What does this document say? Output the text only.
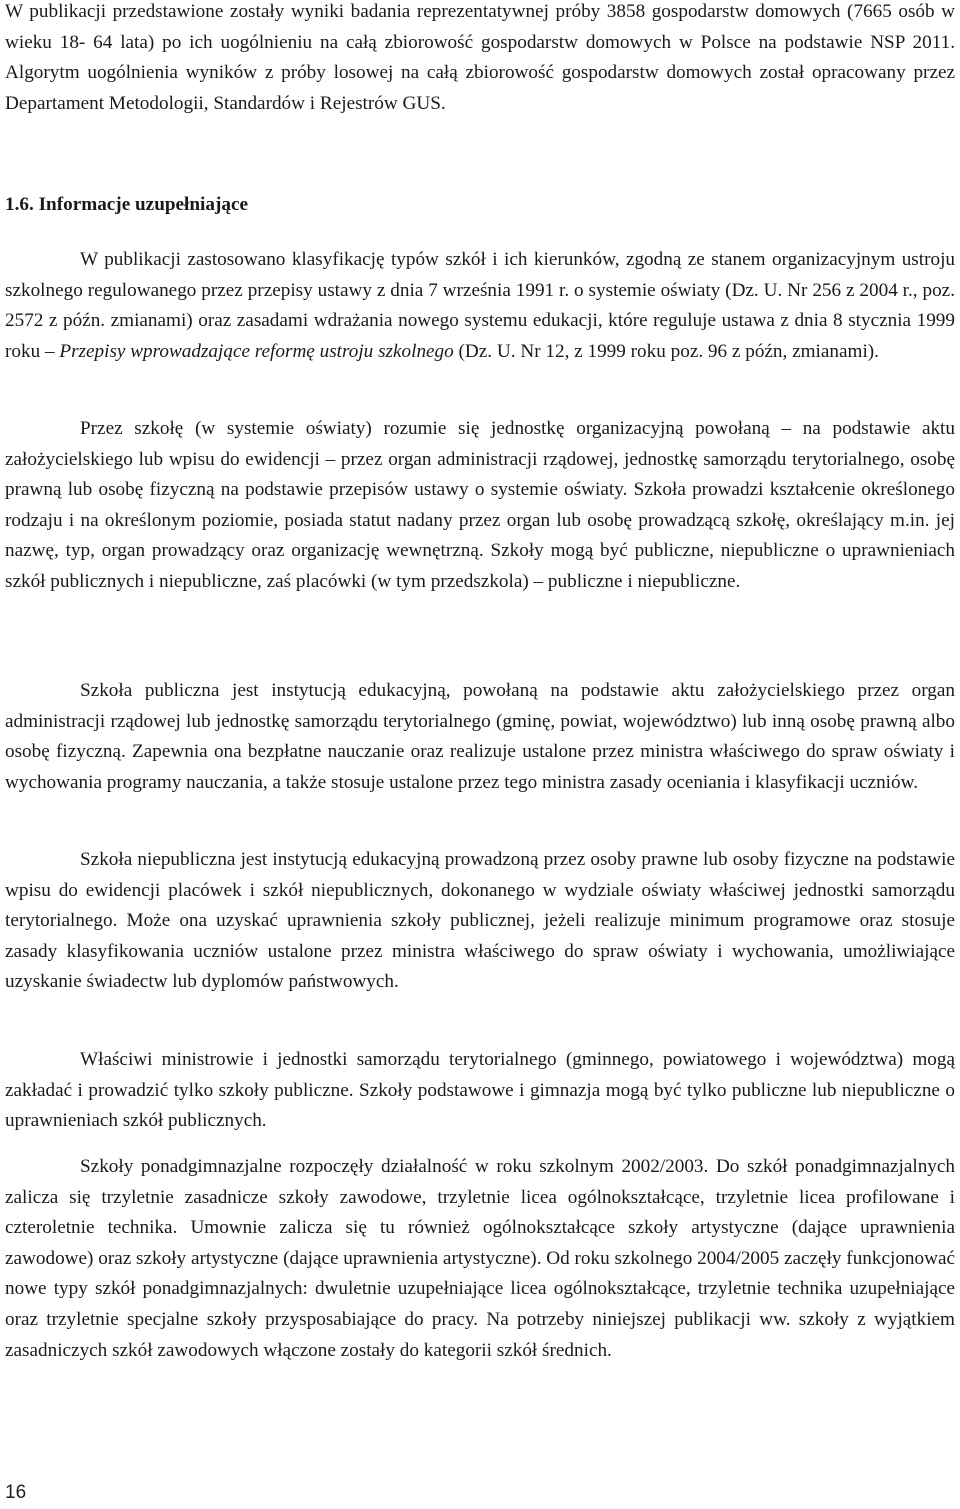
W publikacji przedstawione zostały wyniki badania reprezentatywnej próby 3858 gospodarstw domowych (7665 osób w wieku 18- 64 lata) po ich uogólnieniu na całą zbiorowość gospodarstw domowych w Polsce na podstawie NSP 2011. Algorytm uogólnienia wyników z próby losowej na całą zbiorowość gospodarstw domowych został opracowany przez Departament Metodologii, Standardów i Rejestrów GUS.

1.6. Informacje uzupełniające

W publikacji zastosowano klasyfikację typów szkół i ich kierunków, zgodną ze stanem organizacyjnym ustroju szkolnego regulowanego przez przepisy ustawy z dnia 7 września 1991 r. o systemie oświaty (Dz. U. Nr 256 z 2004 r., poz. 2572 z późn. zmianami) oraz zasadami wdrażania nowego systemu edukacji, które reguluje ustawa z dnia 8 stycznia 1999 roku – Przepisy wprowadzające reformę ustroju szkolnego (Dz. U. Nr 12, z 1999 roku poz. 96 z późn, zmianami).

Przez szkołę (w systemie oświaty) rozumie się jednostkę organizacyjną powołaną – na podstawie aktu założycielskiego lub wpisu do ewidencji – przez organ administracji rządowej, jednostkę samorządu terytorialnego, osobę prawną lub osobę fizyczną na podstawie przepisów ustawy o systemie oświaty. Szkoła prowadzi kształcenie określonego rodzaju i na określonym poziomie, posiada statut nadany przez organ lub osobę prowadzącą szkołę, określający m.in. jej nazwę, typ, organ prowadzący oraz organizację wewnętrzną. Szkoły mogą być publiczne, niepubliczne o uprawnieniach szkół publicznych i niepubliczne, zaś placówki (w tym przedszkola) – publiczne i niepubliczne.

Szkoła publiczna jest instytucją edukacyjną, powołaną na podstawie aktu założycielskiego przez organ administracji rządowej lub jednostkę samorządu terytorialnego (gminę, powiat, województwo) lub inną osobę prawną albo osobę fizyczną. Zapewnia ona bezpłatne nauczanie oraz realizuje ustalone przez ministra właściwego do spraw oświaty i wychowania programy nauczania, a także stosuje ustalone przez tego ministra zasady oceniania i klasyfikacji uczniów.

Szkoła niepubliczna jest instytucją edukacyjną prowadzoną przez osoby prawne lub osoby fizyczne na podstawie wpisu do ewidencji placówek i szkół niepublicznych, dokonanego w wydziale oświaty właściwej jednostki samorządu terytorialnego. Może ona uzyskać uprawnienia szkoły publicznej, jeżeli realizuje minimum programowe oraz stosuje zasady klasyfikowania uczniów ustalone przez ministra właściwego do spraw oświaty i wychowania, umożliwiające uzyskanie świadectw lub dyplomów państwowych.

Właściwi ministrowie i jednostki samorządu terytorialnego (gminnego, powiatowego i województwa) mogą zakładać i prowadzić tylko szkoły publiczne. Szkoły podstawowe i gimnazja mogą być tylko publiczne lub niepubliczne o uprawnieniach szkół publicznych.

Szkoły ponadgimnazjalne rozpoczęły działalność w roku szkolnym 2002/2003. Do szkół ponadgimnazjalnych zalicza się trzyletnie zasadnicze szkoły zawodowe, trzyletnie licea ogólnokształcące, trzyletnie licea profilowane i czteroletnie technika. Umownie zalicza się tu również ogólnokształcące szkoły artystyczne (dające uprawnienia zawodowe) oraz szkoły artystyczne (dające uprawnienia artystyczne). Od roku szkolnego 2004/2005 zaczęły funkcjonować nowe typy szkół ponadgimnazjalnych: dwuletnie uzupełniające licea ogólnokształcące, trzyletnie technika uzupełniające oraz trzyletnie specjalne szkoły przysposabiające do pracy. Na potrzeby niniejszej publikacji ww. szkoły z wyjątkiem zasadniczych szkół zawodowych włączone zostały do kategorii szkół średnich.

16
